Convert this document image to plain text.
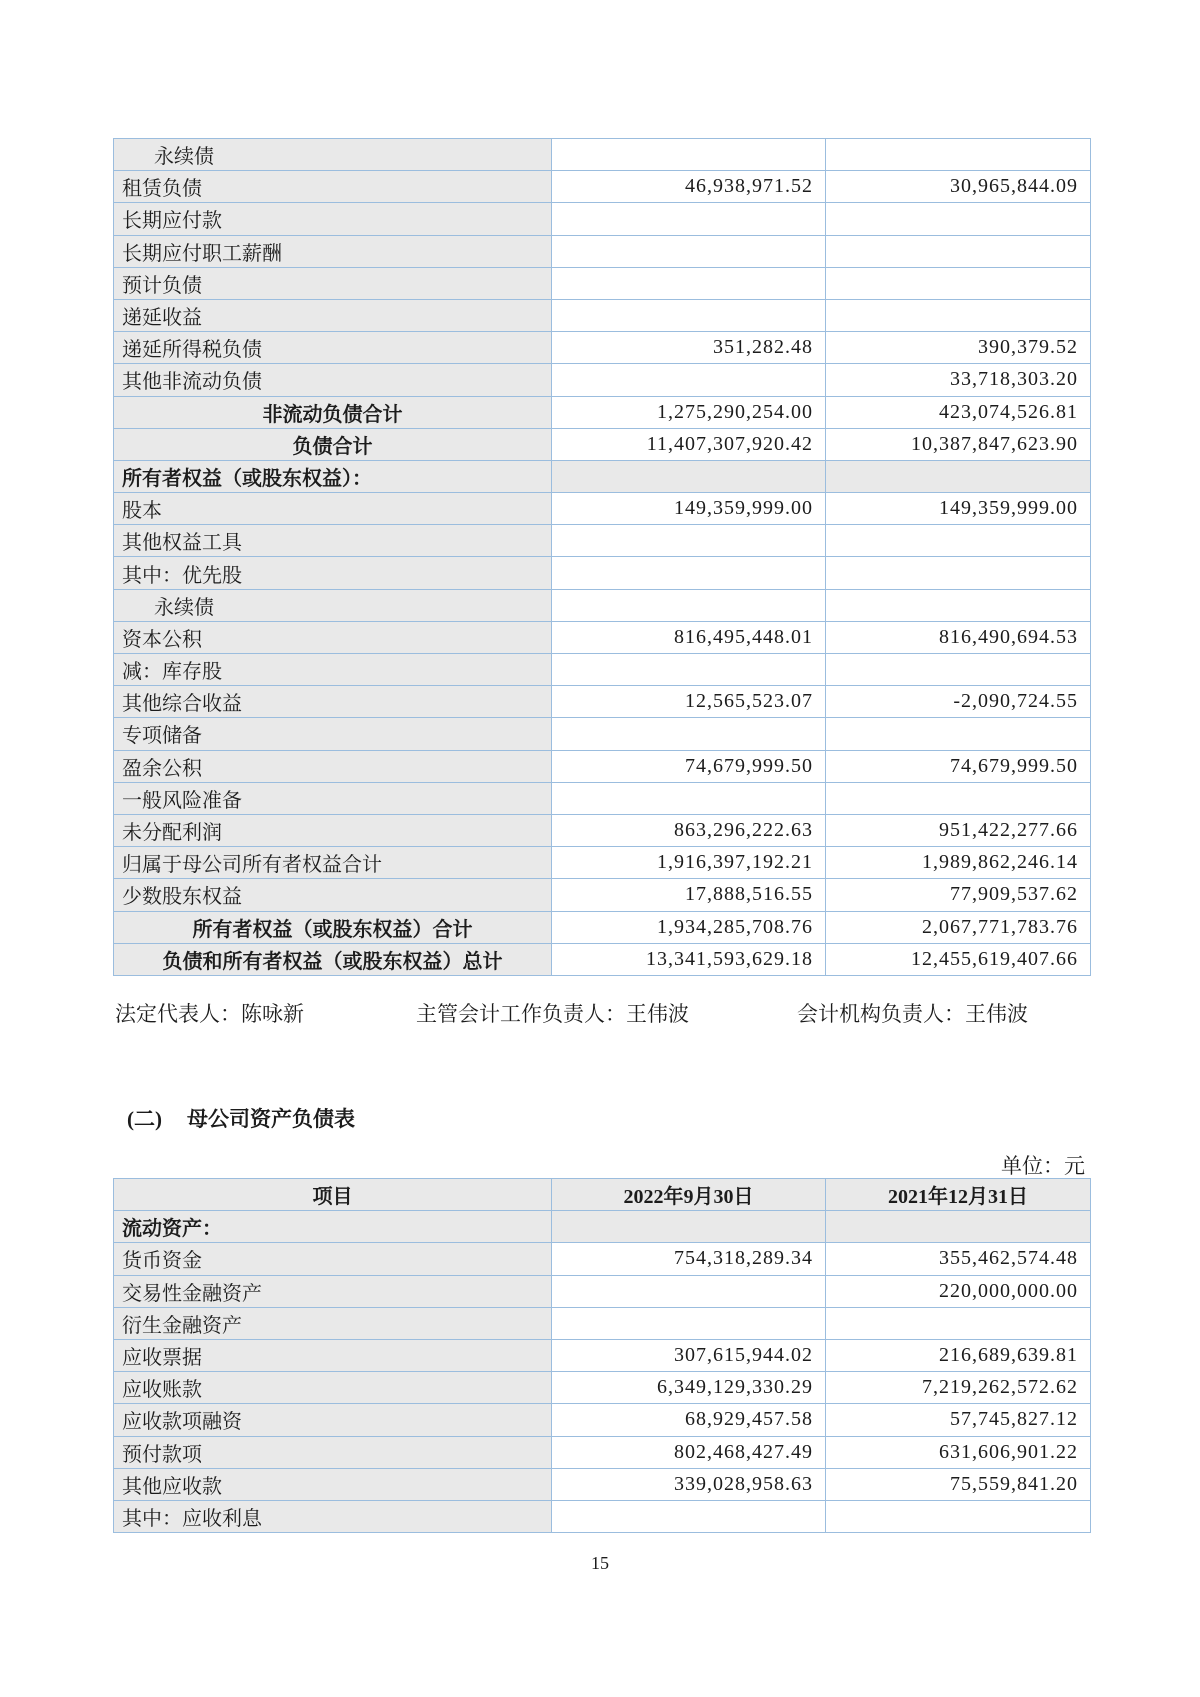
永续债		
租赁负债	46,938,971.52	30,965,844.09
长期应付款		
长期应付职工薪酬		
预计负债		
递延收益		
递延所得税负债	351,282.48	390,379.52
其他非流动负债		33,718,303.20
非流动负债合计	1,275,290,254.00	423,074,526.81
负债合计	11,407,307,920.42	10,387,847,623.90
所有者权益（或股东权益）：		
股本	149,359,999.00	149,359,999.00
其他权益工具		
其中：优先股		
永续债		
资本公积	816,495,448.01	816,490,694.53
减：库存股		
其他综合收益	12,565,523.07	-2,090,724.55
专项储备		
盈余公积	74,679,999.50	74,679,999.50
一般风险准备		
未分配利润	863,296,222.63	951,422,277.66
归属于母公司所有者权益合计	1,916,397,192.21	1,989,862,246.14
少数股东权益	17,888,516.55	77,909,537.62
所有者权益（或股东权益）合计	1,934,285,708.76	2,067,771,783.76
负债和所有者权益（或股东权益）总计	13,341,593,629.18	12,455,619,407.66
法定代表人：陈咏新	主管会计工作负责人：王伟波	会计机构负责人：王伟波
(二) 母公司资产负债表
单位：元
项目	2022年9月30日	2021年12月31日
流动资产：		
货币资金	754,318,289.34	355,462,574.48
交易性金融资产		220,000,000.00
衍生金融资产		
应收票据	307,615,944.02	216,689,639.81
应收账款	6,349,129,330.29	7,219,262,572.62
应收款项融资	68,929,457.58	57,745,827.12
预付款项	802,468,427.49	631,606,901.22
其他应收款	339,028,958.63	75,559,841.20
其中：应收利息		
15
